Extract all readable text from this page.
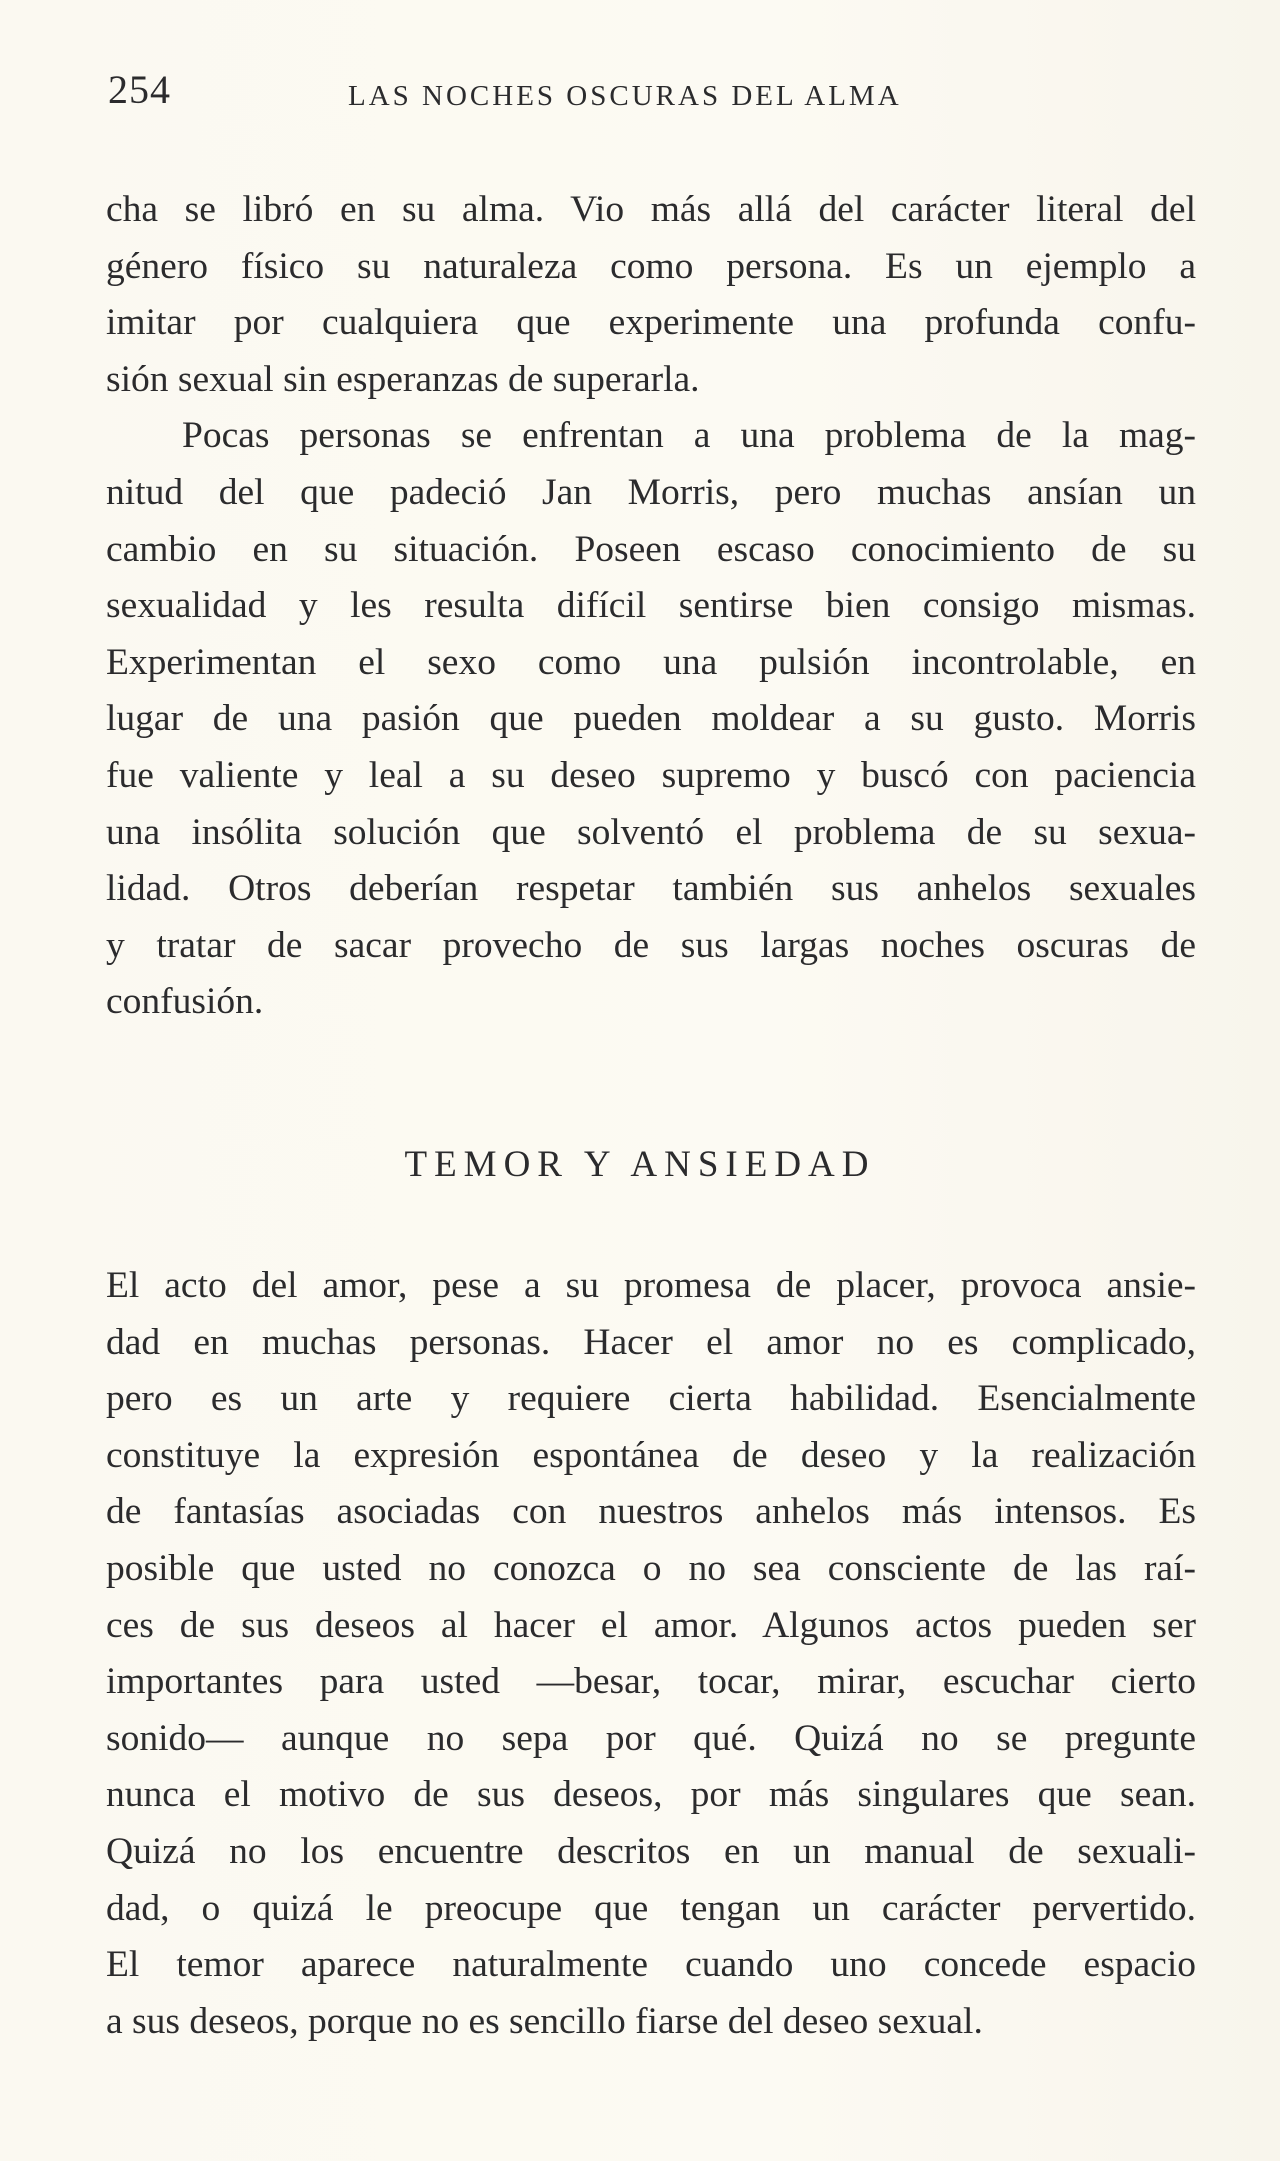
254	LAS NOCHES OSCURAS DEL ALMA
cha se libró en su alma. Vio más allá del carácter literal del
género físico su naturaleza como persona. Es un ejemplo a
imitar por cualquiera que experimente una profunda confu-
sión sexual sin esperanzas de superarla.
Pocas personas se enfrentan a una problema de la mag-
nitud del que padeció Jan Morris, pero muchas ansían un
cambio en su situación. Poseen escaso conocimiento de su
sexualidad y les resulta difícil sentirse bien consigo mismas.
Experimentan el sexo como una pulsión incontrolable, en
lugar de una pasión que pueden moldear a su gusto. Morris
fue valiente y leal a su deseo supremo y buscó con paciencia
una insólita solución que solventó el problema de su sexua-
lidad. Otros deberían respetar también sus anhelos sexuales
y tratar de sacar provecho de sus largas noches oscuras de
confusión.
TEMOR Y ANSIEDAD
El acto del amor, pese a su promesa de placer, provoca ansie-
dad en muchas personas. Hacer el amor no es complicado,
pero es un arte y requiere cierta habilidad. Esencialmente
constituye la expresión espontánea de deseo y la realización
de fantasías asociadas con nuestros anhelos más intensos. Es
posible que usted no conozca o no sea consciente de las raí-
ces de sus deseos al hacer el amor. Algunos actos pueden ser
importantes para usted —besar, tocar, mirar, escuchar cierto
sonido— aunque no sepa por qué. Quizá no se pregunte
nunca el motivo de sus deseos, por más singulares que sean.
Quizá no los encuentre descritos en un manual de sexuali-
dad, o quizá le preocupe que tengan un carácter pervertido.
El temor aparece naturalmente cuando uno concede espacio
a sus deseos, porque no es sencillo fiarse del deseo sexual.
